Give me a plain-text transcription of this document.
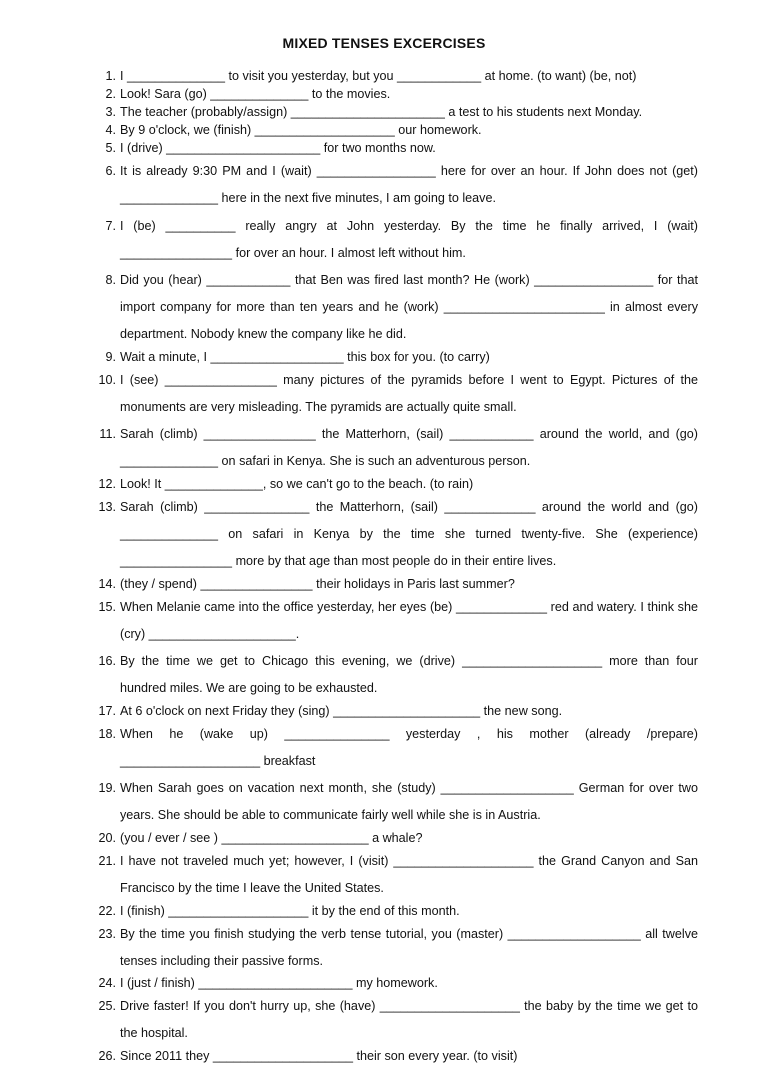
MIXED TENSES EXCERCISES
1. I ______________ to visit you yesterday, but you ____________ at home. (to want) (be, not)
2. Look! Sara (go) ______________ to the movies.
3. The teacher (probably/assign) ______________________ a test to his students next Monday.
4. By 9 o'clock, we (finish) ____________________ our homework.
5. I (drive) ______________________ for two months now.
6. It is already 9:30 PM and I (wait) _________________ here for over an hour. If John does not (get) ______________ here in the next five minutes, I am going to leave.
7. I (be) __________ really angry at John yesterday. By the time he finally arrived, I (wait) ________________ for over an hour. I almost left without him.
8. Did you (hear) ____________ that Ben was fired last month? He (work) _________________ for that import company for more than ten years and he (work) _______________________ in almost every department. Nobody knew the company like he did.
9. Wait a minute, I ___________________ this box for you. (to carry)
10. I (see) ________________ many pictures of the pyramids before I went to Egypt. Pictures of the monuments are very misleading. The pyramids are actually quite small.
11. Sarah (climb) ________________ the Matterhorn, (sail) ____________ around the world, and (go) ______________ on safari in Kenya. She is such an adventurous person.
12. Look! It ______________, so we can't go to the beach. (to rain)
13. Sarah (climb) _______________ the Matterhorn, (sail) _____________ around the world and (go) ______________ on safari in Kenya by the time she turned twenty-five. She (experience) ________________ more by that age than most people do in their entire lives.
14. (they / spend) ________________ their holidays in Paris last summer?
15. When Melanie came into the office yesterday, her eyes (be) _____________ red and watery. I think she (cry) _____________________.
16. By the time we get to Chicago this evening, we (drive) ____________________ more than four hundred miles. We are going to be exhausted.
17. At 6 o'clock on next Friday they (sing) _____________________ the new song.
18. When he (wake up) _______________ yesterday , his mother (already /prepare) ____________________ breakfast
19. When Sarah goes on vacation next month, she (study) ___________________ German for over two years. She should be able to communicate fairly well while she is in Austria.
20. (you / ever / see ) _____________________ a whale?
21. I have not traveled much yet; however, I (visit) ____________________ the Grand Canyon and San Francisco by the time I leave the United States.
22. I (finish) ____________________ it by the end of this month.
23. By the time you finish studying the verb tense tutorial, you (master) ___________________ all twelve tenses including their passive forms.
24. I (just / finish) ______________________ my homework.
25. Drive faster! If you don't hurry up, she (have) ____________________ the baby by the time we get to the hospital.
26. Since 2011 they ____________________ their son every year. (to visit)
